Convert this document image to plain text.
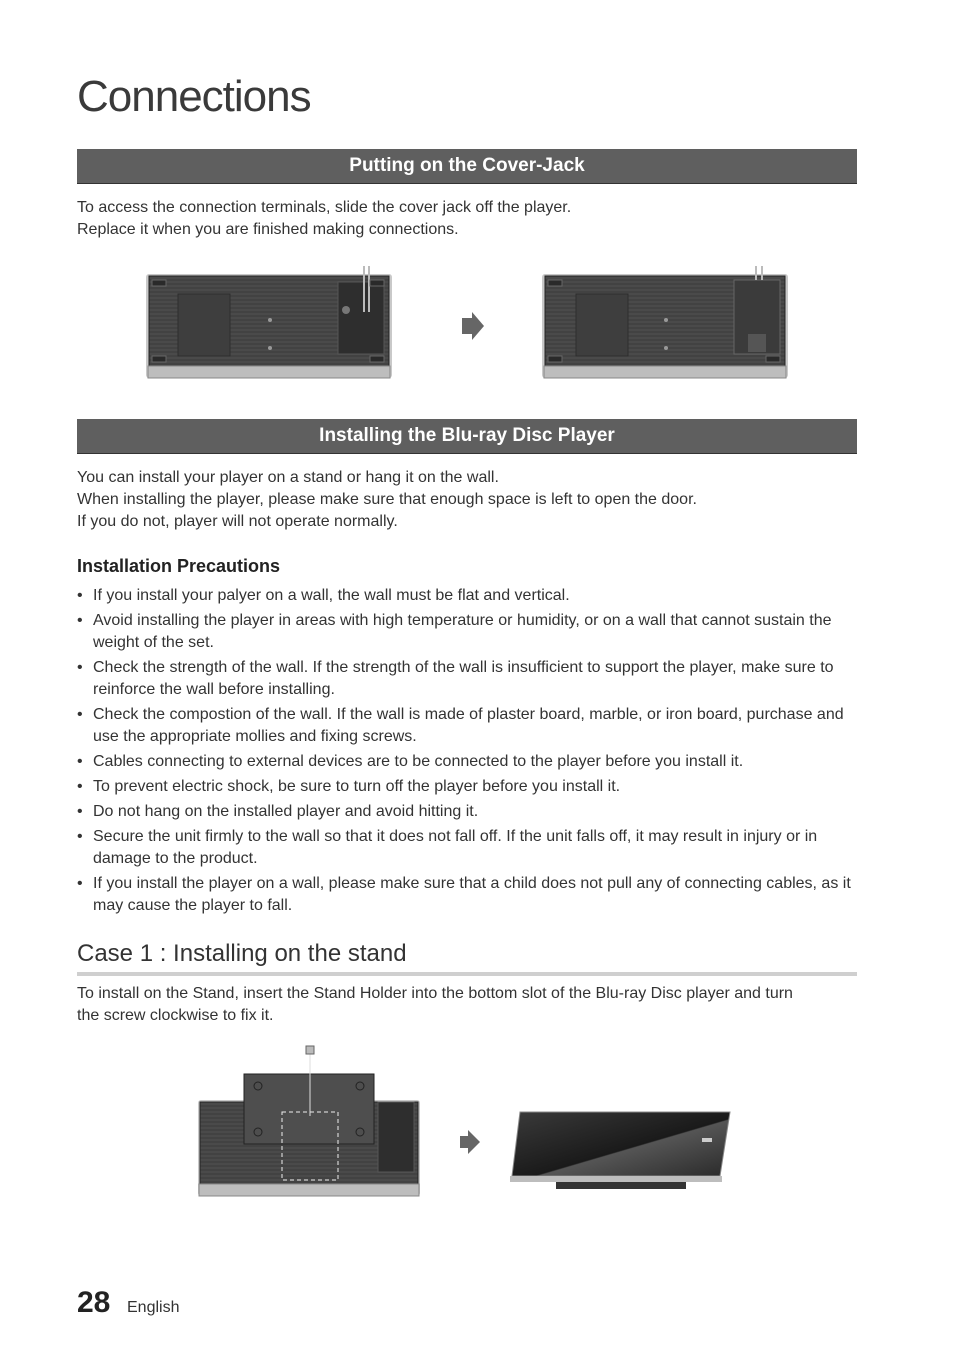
Connections
Putting on the Cover-Jack
To access the connection terminals, slide the cover jack off the player.
Replace it when you are finished making connections.
Installing the Blu-ray Disc Player
You can install your player on a stand or hang it on the wall.
When installing the player, please make sure that enough space is left to open the door.
If you do not, player will not operate normally.
Installation Precautions
• If you install your palyer on a wall, the wall must be flat and vertical.
• Avoid installing the player in areas with high temperature or humidity, or on a wall that cannot sustain the weight of the set.
• Check the strength of the wall. If the strength of the wall is insufficient to support the player, make sure to reinforce the wall before installing.
• Check the compostion of the wall. If the wall is made of plaster board, marble, or iron board, purchase and use the appropriate mollies and fixing screws.
• Cables connecting to external devices are to be connected to the player before you install it.
• To prevent electric shock, be sure to turn off the player before you install it.
• Do not hang on the installed player and avoid hitting it.
• Secure the unit firmly to the wall so that it does not fall off. If the unit falls off, it may result in injury or in damage to the product.
• If you install the player on a wall, please make sure that a child does not pull any of connecting cables, as it may cause the player to fall.
Case 1 : Installing on the stand
To install on the Stand, insert the Stand Holder into the bottom slot of the Blu-ray Disc player and turn
the screw clockwise to fix it.
28 English
